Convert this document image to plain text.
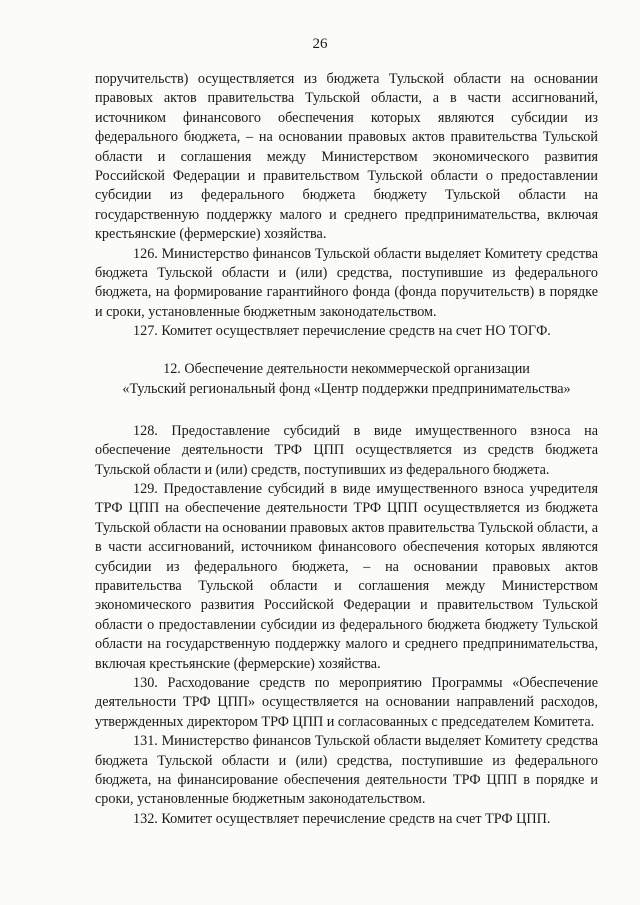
26

поручительств) осуществляется из бюджета Тульской области на основании правовых актов правительства Тульской области, а в части ассигнований, источником финансового обеспечения которых являются субсидии из федерального бюджета, – на основании правовых актов правительства Тульской области и соглашения между Министерством экономического развития Российской Федерации и правительством Тульской области о предоставлении субсидии из федерального бюджета бюджету Тульской области на государственную поддержку малого и среднего предпринимательства, включая крестьянские (фермерские) хозяйства.

126. Министерство финансов Тульской области выделяет Комитету средства бюджета Тульской области и (или) средства, поступившие из федерального бюджета, на формирование гарантийного фонда (фонда поручительств) в порядке и сроки, установленные бюджетным законодательством.

127. Комитет осуществляет перечисление средств на счет НО ТОГФ.

12. Обеспечение деятельности некоммерческой организации
«Тульский региональный фонд «Центр поддержки предпринимательства»

128. Предоставление субсидий в виде имущественного взноса на обеспечение деятельности ТРФ ЦПП осуществляется из средств бюджета Тульской области и (или) средств, поступивших из федерального бюджета.

129. Предоставление субсидий в виде имущественного взноса учредителя ТРФ ЦПП на обеспечение деятельности ТРФ ЦПП осуществляется из бюджета Тульской области на основании правовых актов правительства Тульской области, а в части ассигнований, источником финансового обеспечения которых являются субсидии из федерального бюджета, – на основании правовых актов правительства Тульской области и соглашения между Министерством экономического развития Российской Федерации и правительством Тульской области о предоставлении субсидии из федерального бюджета бюджету Тульской области на государственную поддержку малого и среднего предпринимательства, включая крестьянские (фермерские) хозяйства.

130. Расходование средств по мероприятию Программы «Обеспечение деятельности ТРФ ЦПП» осуществляется на основании направлений расходов, утвержденных директором ТРФ ЦПП и согласованных с председателем Комитета.

131. Министерство финансов Тульской области выделяет Комитету средства бюджета Тульской области и (или) средства, поступившие из федерального бюджета, на финансирование обеспечения деятельности ТРФ ЦПП в порядке и сроки, установленные бюджетным законодательством.

132. Комитет осуществляет перечисление средств на счет ТРФ ЦПП.
